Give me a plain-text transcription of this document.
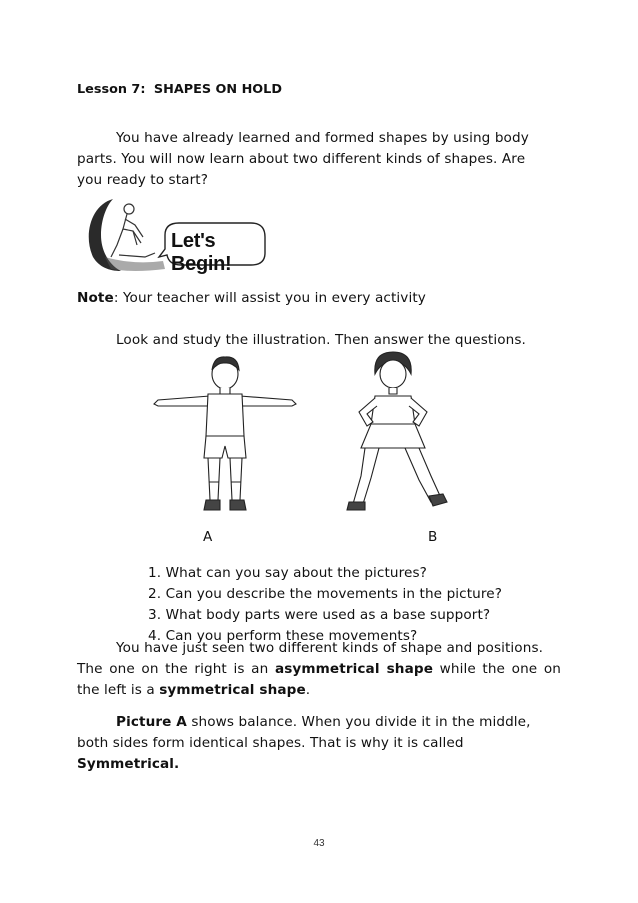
Lesson 7: SHAPES ON HOLD
You have already learned and formed shapes by using body
parts. You will now learn about two different kinds of shapes. Are
you ready to start?
Let's Begin!
Note: Your teacher will assist you in every activity
Look and study the illustration. Then answer the questions.
A	B
1. What can you say about the pictures?
2. Can you describe the movements in the picture?
3. What body parts were used as a base support?
4. Can you perform these movements?
You have just seen two different kinds of shape and positions.
The one on the right is an asymmetrical shape while the one on
the left is a symmetrical shape.
Picture A shows balance. When you divide it in the middle,
both sides form identical shapes. That is why it is called
Symmetrical.
43
